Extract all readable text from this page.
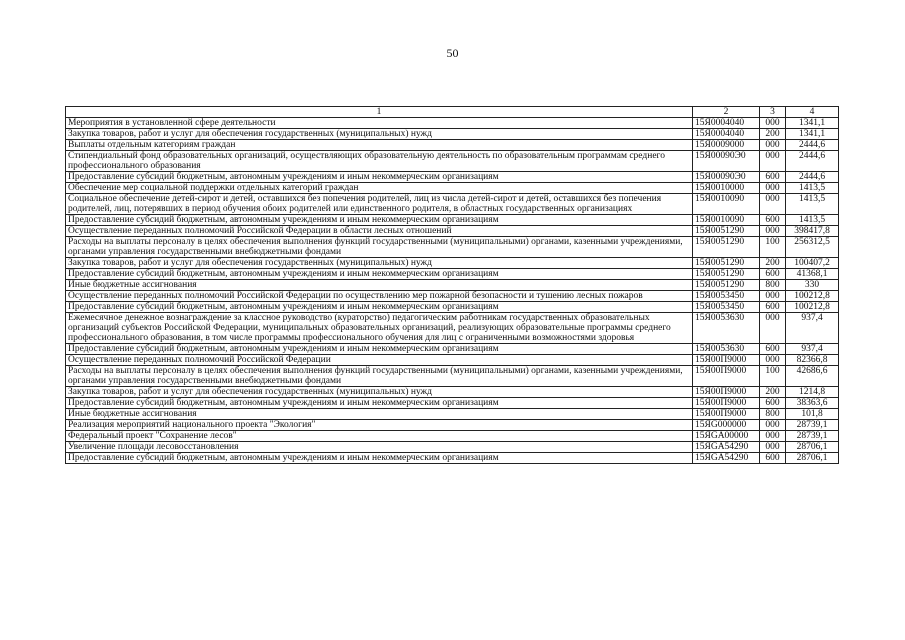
50
1	2	3	4
Мероприятия в установленной сфере деятельности	15Я0004040	000	1341,1
Закупка товаров, работ и услуг для обеспечения государственных (муниципальных) нужд	15Я0004040	200	1341,1
Выплаты отдельным категориям граждан	15Я0009000	000	2444,6
Стипендиальный фонд образовательных организаций, осуществляющих образовательную деятельность по образовательным программам среднего профессионального образования	15Я00090Э0	000	2444,6
Предоставление субсидий бюджетным, автономным учреждениям и иным некоммерческим организациям	15Я00090Э0	600	2444,6
Обеспечение мер социальной поддержки отдельных категорий граждан	15Я0010000	000	1413,5
Социальное обеспечение детей-сирот и детей, оставшихся без попечения родителей, лиц из числа детей-сирот и детей, оставшихся без попечения родителей, лиц, потерявших в период обучения обоих родителей или единственного родителя, в областных государственных организациях	15Я0010090	000	1413,5
Предоставление субсидий бюджетным, автономным учреждениям и иным некоммерческим организациям	15Я0010090	600	1413,5
Осуществление переданных полномочий Российской Федерации в области лесных отношений	15Я0051290	000	398417,8
Расходы на выплаты персоналу в целях обеспечения выполнения функций государственными (муниципальными) органами, казенными учреждениями, органами управления государственными внебюджетными фондами	15Я0051290	100	256312,5
Закупка товаров, работ и услуг для обеспечения государственных (муниципальных) нужд	15Я0051290	200	100407,2
Предоставление субсидий бюджетным, автономным учреждениям и иным некоммерческим организациям	15Я0051290	600	41368,1
Иные бюджетные ассигнования	15Я0051290	800	330
Осуществление переданных полномочий Российской Федерации по осуществлению мер пожарной безопасности и тушению лесных пожаров	15Я0053450	000	100212,8
Предоставление субсидий бюджетным, автономным учреждениям и иным некоммерческим организациям	15Я0053450	600	100212,8
Ежемесячное денежное вознаграждение за классное руководство (кураторство) педагогическим работникам государственных образовательных организаций субъектов Российской Федерации, муниципальных образовательных организаций, реализующих образовательные программы среднего профессионального образования, в том числе программы профессионального обучения для лиц с ограниченными возможностями здоровья	15Я0053630	000	937,4
Предоставление субсидий бюджетным, автономным учреждениям и иным некоммерческим организациям	15Я0053630	600	937,4
Осуществление переданных полномочий Российской Федерации	15Я00П9000	000	82366,8
Расходы на выплаты персоналу в целях обеспечения выполнения функций государственными (муниципальными) органами, казенными учреждениями, органами управления государственными внебюджетными фондами	15Я00П9000	100	42686,6
Закупка товаров, работ и услуг для обеспечения государственных (муниципальных) нужд	15Я00П9000	200	1214,8
Предоставление субсидий бюджетным, автономным учреждениям и иным некоммерческим организациям	15Я00П9000	600	38363,6
Иные бюджетные ассигнования	15Я00П9000	800	101,8
Реализация мероприятий национального проекта "Экология"	15ЯG000000	000	28739,1
Федеральный проект "Сохранение лесов"	15ЯGA00000	000	28739,1
Увеличение площади лесовосстановления	15ЯGA54290	000	28706,1
Предоставление субсидий бюджетным, автономным учреждениям и иным некоммерческим организациям	15ЯGA54290	600	28706,1
